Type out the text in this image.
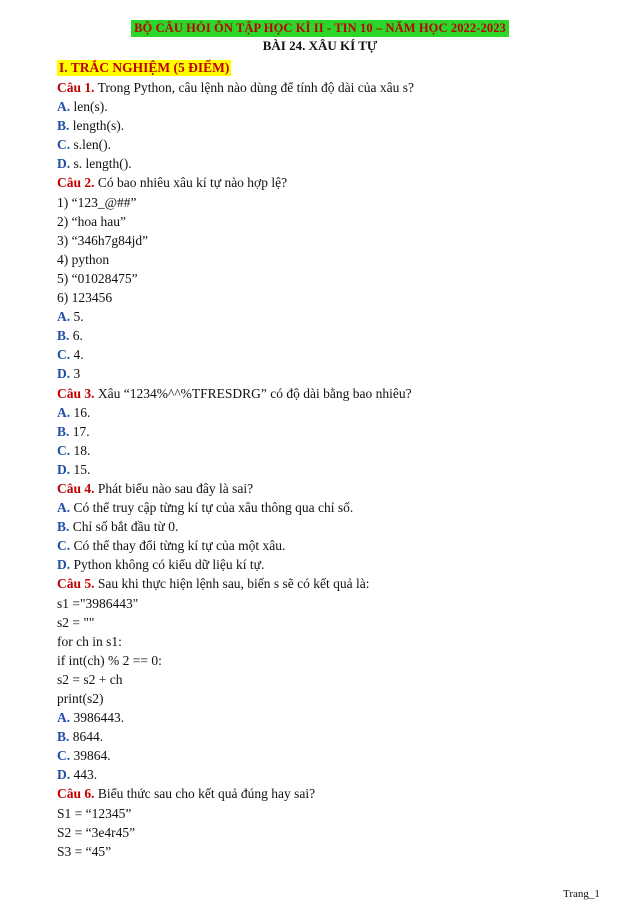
BỘ CÂU HỎI ÔN TẬP HỌC KÌ II - TIN 10 – NĂM HỌC 2022-2023
BÀI 24. XÂU KÍ TỰ
I. TRẮC NGHIỆM (5 ĐIỂM)
Câu 1. Trong Python, câu lệnh nào dùng để tính độ dài của xâu s?
A. len(s).
B. length(s).
C. s.len().
D. s. length().
Câu 2. Có bao nhiêu xâu kí tự nào hợp lệ?
1) “123_@##”
2) “hoa hau”
3) “346h7g84jd”
4) python
5) “01028475”
6) 123456
A. 5.
B. 6.
C. 4.
D. 3
Câu 3. Xâu “1234%^^%TFRESDRG” có độ dài bằng bao nhiêu?
A. 16.
B. 17.
C. 18.
D. 15.
Câu 4. Phát biểu nào sau đây là sai?
A. Có thể truy cập từng kí tự của xâu thông qua chỉ số.
B. Chỉ số bắt đầu từ 0.
C. Có thể thay đổi từng kí tự của một xâu.
D. Python không có kiểu dữ liệu kí tự.
Câu 5. Sau khi thực hiện lệnh sau, biến s sẽ có kết quả là:
s1 ="3986443"
s2 = ""
for ch in s1:
if int(ch) % 2 == 0:
s2 = s2 + ch
print(s2)
A. 3986443.
B. 8644.
C. 39864.
D. 443.
Câu 6. Biểu thức sau cho kết quả đúng hay sai?
S1 = “12345”
S2 = “3e4r45”
S3 = “45”
Trang_1
